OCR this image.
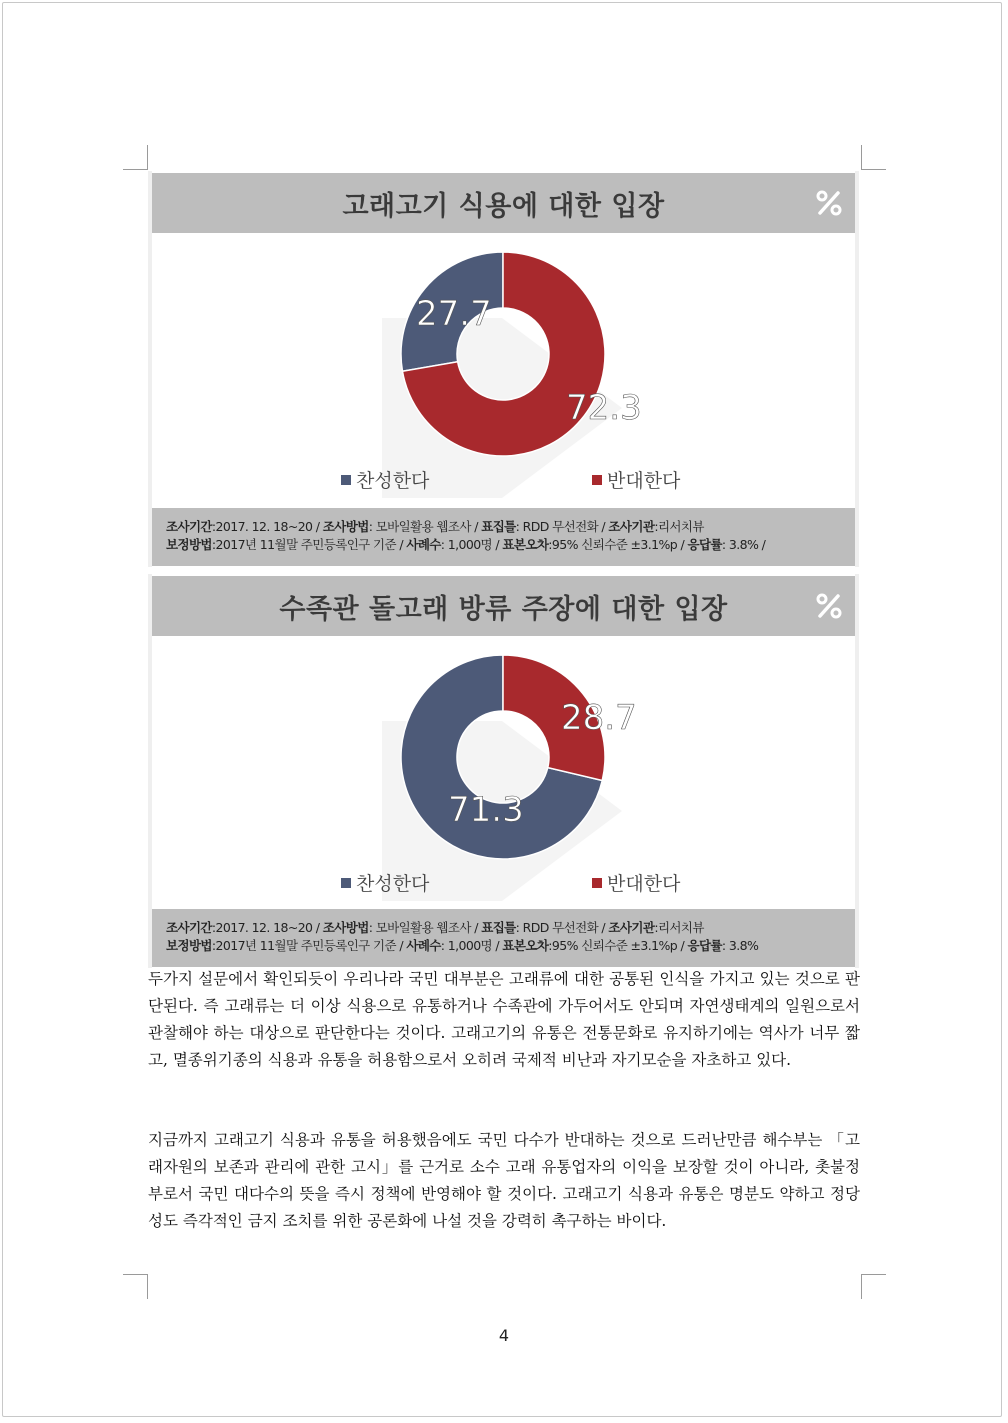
고래고기 식용에 대한 입장
27.7
72.3
찬성한다	반대한다
조사기간:2017. 12. 18~20 / 조사방법: 모바일활용 웹조사 / 표집틀: RDD 무선전화 / 조사기관:리서치뷰
보정방법:2017년 11월말 주민등록인구 기준 / 사례수: 1,000명 / 표본오차:95% 신뢰수준 ±3.1%p / 응답률: 3.8% /
수족관 돌고래 방류 주장에 대한 입장
71.3
28.7
찬성한다	반대한다
조사기간:2017. 12. 18~20 / 조사방법: 모바일활용 웹조사 / 표집틀: RDD 무선전화 / 조사기관:리서치뷰
보정방법:2017년 11월말 주민등록인구 기준 / 사례수: 1,000명 / 표본오차:95% 신뢰수준 ±3.1%p / 응답률: 3.8%
두가지 설문에서 확인되듯이 우리나라 국민 대부분은 고래류에 대한 공통된 인식을 가지고 있는 것으로 판단된다. 즉 고래류는 더 이상 식용으로 유통하거나 수족관에 가두어서도 안되며 자연생태계의 일원으로서 관찰해야 하는 대상으로 판단한다는 것이다. 고래고기의 유통은 전통문화로 유지하기에는 역사가 너무 짧고, 멸종위기종의 식용과 유통을 허용함으로서 오히려 국제적 비난과 자기모순을 자초하고 있다.
지금까지 고래고기 식용과 유통을 허용했음에도 국민 다수가 반대하는 것으로 드러난만큼 해수부는 「고래자원의 보존과 관리에 관한 고시」를 근거로 소수 고래 유통업자의 이익을 보장할 것이 아니라, 촛불정부로서 국민 대다수의 뜻을 즉시 정책에 반영해야 할 것이다. 고래고기 식용과 유통은 명분도 약하고 정당성도 즉각적인 금지 조치를 위한 공론화에 나설 것을 강력히 촉구하는 바이다.
4
